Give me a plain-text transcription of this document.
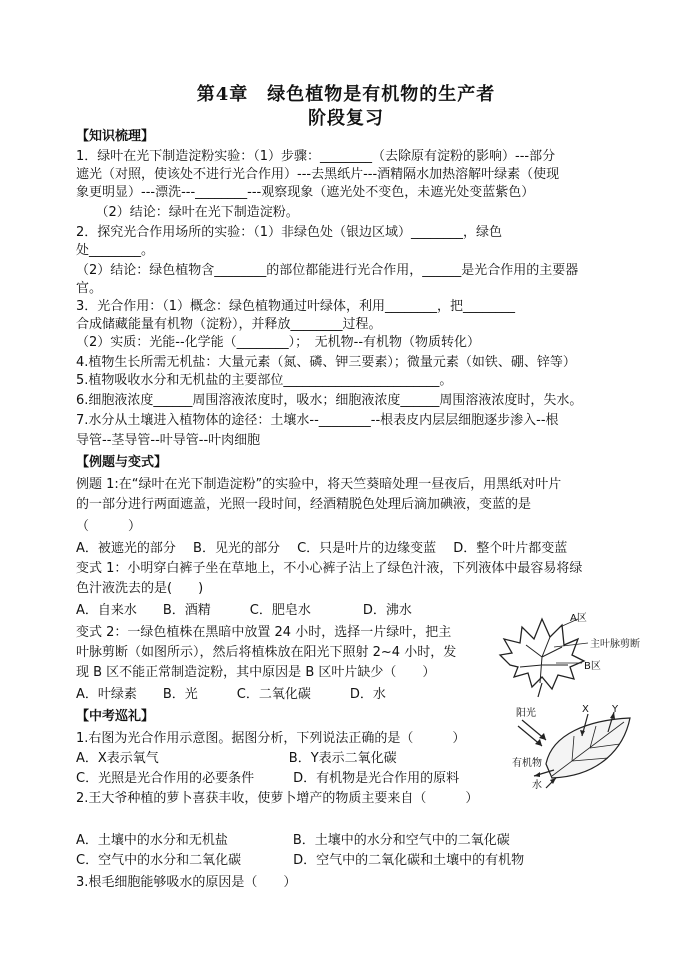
第4章　绿色植物是有机物的生产者
阶段复习
【知识梳理】
1．绿叶在光下制造淀粉实验：（1）步骤：________（去除原有淀粉的影响）---部分
遮光（对照，使该处不进行光合作用）---去黑纸片---酒精隔水加热溶解叶绿素（使现
象更明显）---漂洗---________---观察现象（遮光处不变色，未遮光处变蓝紫色）
　　（2）结论：绿叶在光下制造淀粉。
2．探究光合作用场所的实验：（1）非绿色处（银边区域）________，绿色
处________。
（2）结论：绿色植物含________的部位都能进行光合作用，______是光合作用的主要器
官。
3．光合作用：（1）概念：绿色植物通过叶绿体，利用________，把________
合成储藏能量有机物（淀粉），并释放________过程。
（2）实质：光能--化学能（________）；　无机物--有机物（物质转化）
4.植物生长所需无机盐：大量元素（氮、磷、钾三要素）；微量元素（如铁、硼、锌等）
5.植物吸收水分和无机盐的主要部位________________________。
6.细胞液浓度______周围溶液浓度时，吸水；细胞液浓度______周围溶液浓度时，失水。
7.水分从土壤进入植物体的途径：土壤水--________--根表皮内层层细胞逐步渗入--根
导管--茎导管--叶导管--叶肉细胞
【例题与变式】
例题 1:在“绿叶在光下制造淀粉”的实验中，将天竺葵暗处理一昼夜后，用黑纸对叶片
的一部分进行两面遮盖，光照一段时间，经酒精脱色处理后滴加碘液，变蓝的是
（　　　）
A．被遮光的部分　 B．见光的部分　 C．只是叶片的边缘变蓝　 D．整个叶片都变蓝
变式 1：小明穿白裤子坐在草地上，不小心裤子沾上了绿色汁液，下列液体中最容易将绿
色汁液洗去的是(　　)
A．自来水　　B．酒精　　　C．肥皂水　　　　D．沸水
变式 2：一绿色植株在黑暗中放置 24 小时，选择一片绿叶，把主
叶脉剪断（如图所示），然后将植株放在阳光下照射 2~4 小时，发
现 B 区不能正常制造淀粉，其中原因是 B 区叶片缺少（　　）
A．叶绿素　　B．光　　　C．二氧化碳　　　D．水
【中考巡礼】
1.右图为光合作用示意图。据图分析，下列说法正确的是（　　　）
A．X表示氧气　　　　　　　　　　B．Y表示二氧化碳
C．光照是光合作用的必要条件　　　D．有机物是光合作用的原料
2.王大爷种植的萝卜喜获丰收，使萝卜增产的物质主要来自（　　　）
A．土壤中的水分和无机盐　　　　　B．土壤中的水分和空气中的二氧化碳
C．空气中的水分和二氧化碳　　　　D．空气中的二氧化碳和土壤中的有机物
3.根毛细胞能够吸水的原因是（　　）
A区
主叶脉剪断
B区
阳光	X Y
有机物
水
